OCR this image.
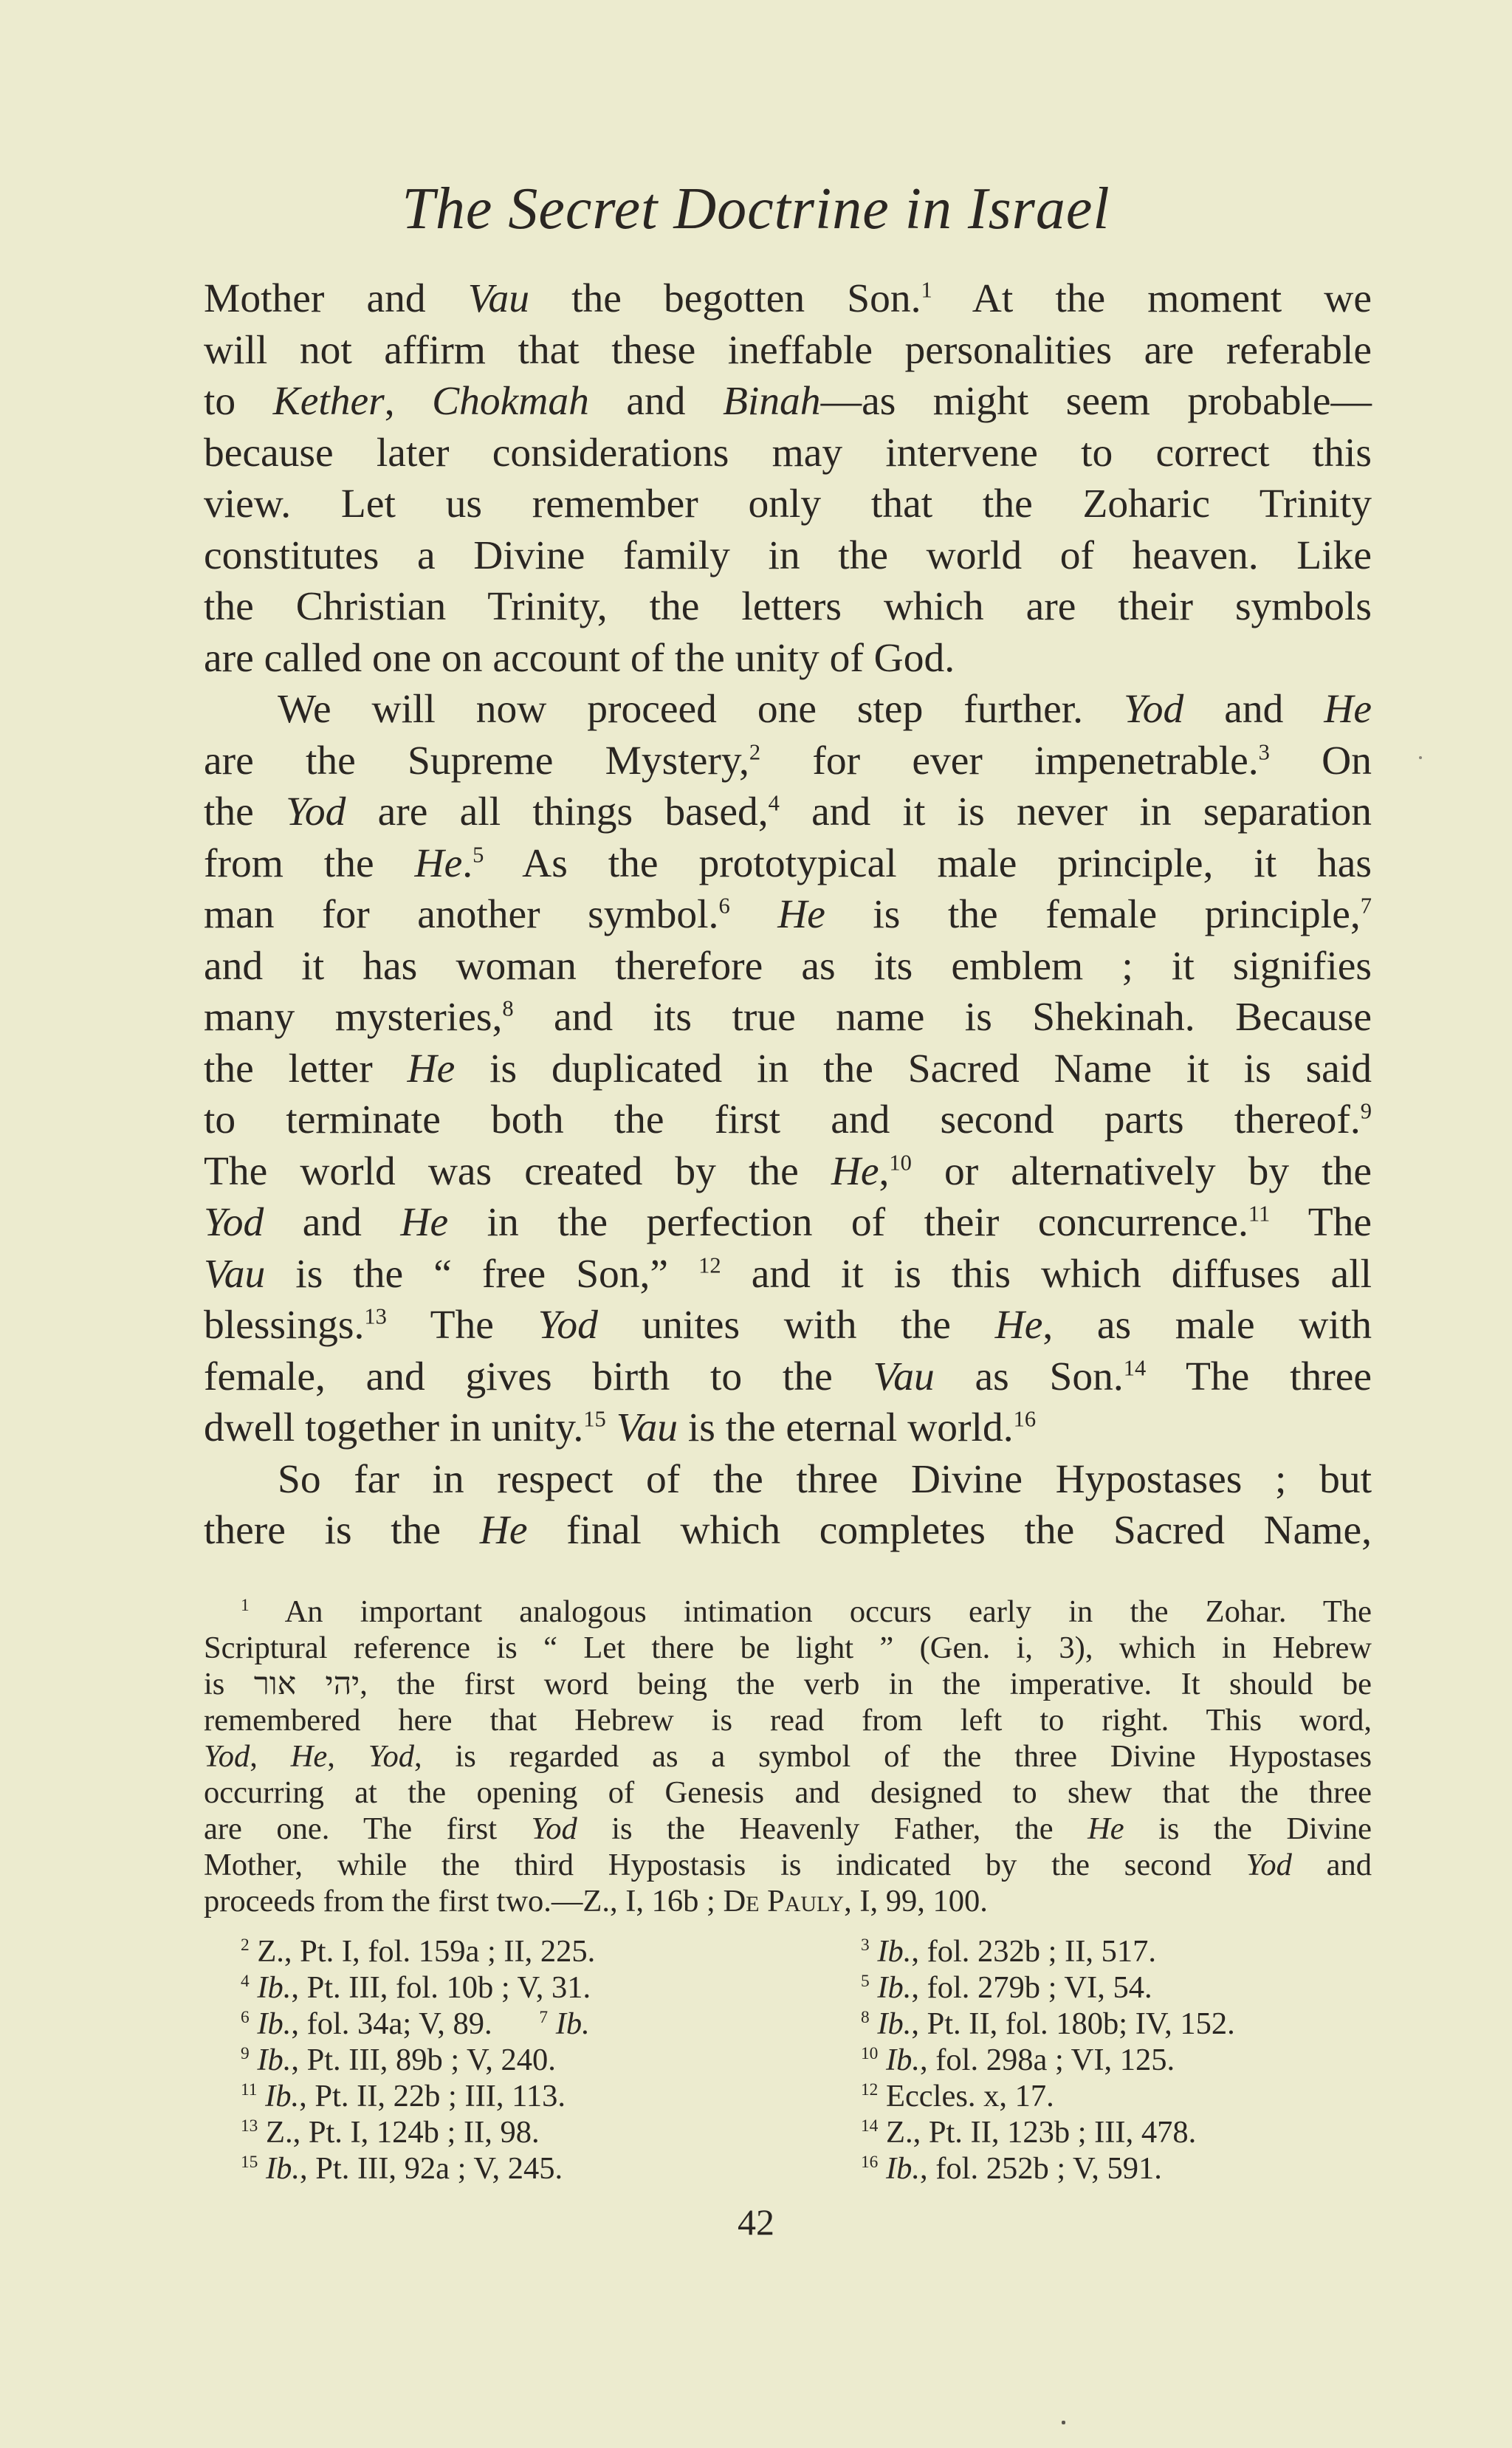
The Secret Doctrine in Israel
Mother and Vau the begotten Son.$^1$ At the moment we
will not affirm that these ineffable personalities are referable
to Kether, Chokmah and Binah—as might seem probable—
because later considerations may intervene to correct this
view. Let us remember only that the Zoharic Trinity
constitutes a Divine family in the world of heaven. Like
the Christian Trinity, the letters which are their symbols
are called one on account of the unity of God.
We will now proceed one step further. Yod and He
are the Supreme Mystery,$^2$ for ever impenetrable.$^3$ On
the Yod are all things based,$^4$ and it is never in separation
from the He.$^5$ As the prototypical male principle, it has
man for another symbol.$^6$ He is the female principle,$^7$
and it has woman therefore as its emblem ; it signifies
many mysteries,$^8$ and its true name is Shekinah. Because
the letter He is duplicated in the Sacred Name it is said
to terminate both the first and second parts thereof.$^9$
The world was created by the He,$^{10}$ or alternatively by the
Yod and He in the perfection of their concurrence.$^{11}$ The
Vau is the “ free Son,” $^{12}$ and it is this which diffuses all
blessings.$^{13}$ The Yod unites with the He, as male with
female, and gives birth to the Vau as Son.$^{14}$ The three
dwell together in unity.$^{15}$ Vau is the eternal world.$^{16}$
So far in respect of the three Divine Hypostases ; but
there is the He final which completes the Sacred Name,
$^1$ An important analogous intimation occurs early in the Zohar. The
Scriptural reference is “ Let there be light ” (Gen. i, 3), which in Hebrew
is יהי אור, the first word being the verb in the imperative. It should be
remembered here that Hebrew is read from left to right. This word,
Yod, He, Yod, is regarded as a symbol of the three Divine Hypostases
occurring at the opening of Genesis and designed to shew that the three
are one. The first Yod is the Heavenly Father, the He is the Divine
Mother, while the third Hypostasis is indicated by the second Yod and
proceeds from the first two.—Z., I, 16b ; De Pauly, I, 99, 100.
$^2$ Z., Pt. I, fol. 159a ; II, 225.	$^3$ Ib., fol. 232b ; II, 517.
$^4$ Ib., Pt. III, fol. 10b ; V, 31.	$^5$ Ib., fol. 279b ; VI, 54.
$^6$ Ib., fol. 34a; V, 89.      $^7$ Ib.	$^8$ Ib., Pt. II, fol. 180b; IV, 152.
$^9$ Ib., Pt. III, 89b ; V, 240.	$^{10}$ Ib., fol. 298a ; VI, 125.
$^{11}$ Ib., Pt. II, 22b ; III, 113.	$^{12}$ Eccles. x, 17.
$^{13}$ Z., Pt. I, 124b ; II, 98.	$^{14}$ Z., Pt. II, 123b ; III, 478.
$^{15}$ Ib., Pt. III, 92a ; V, 245.	$^{16}$ Ib., fol. 252b ; V, 591.
42
